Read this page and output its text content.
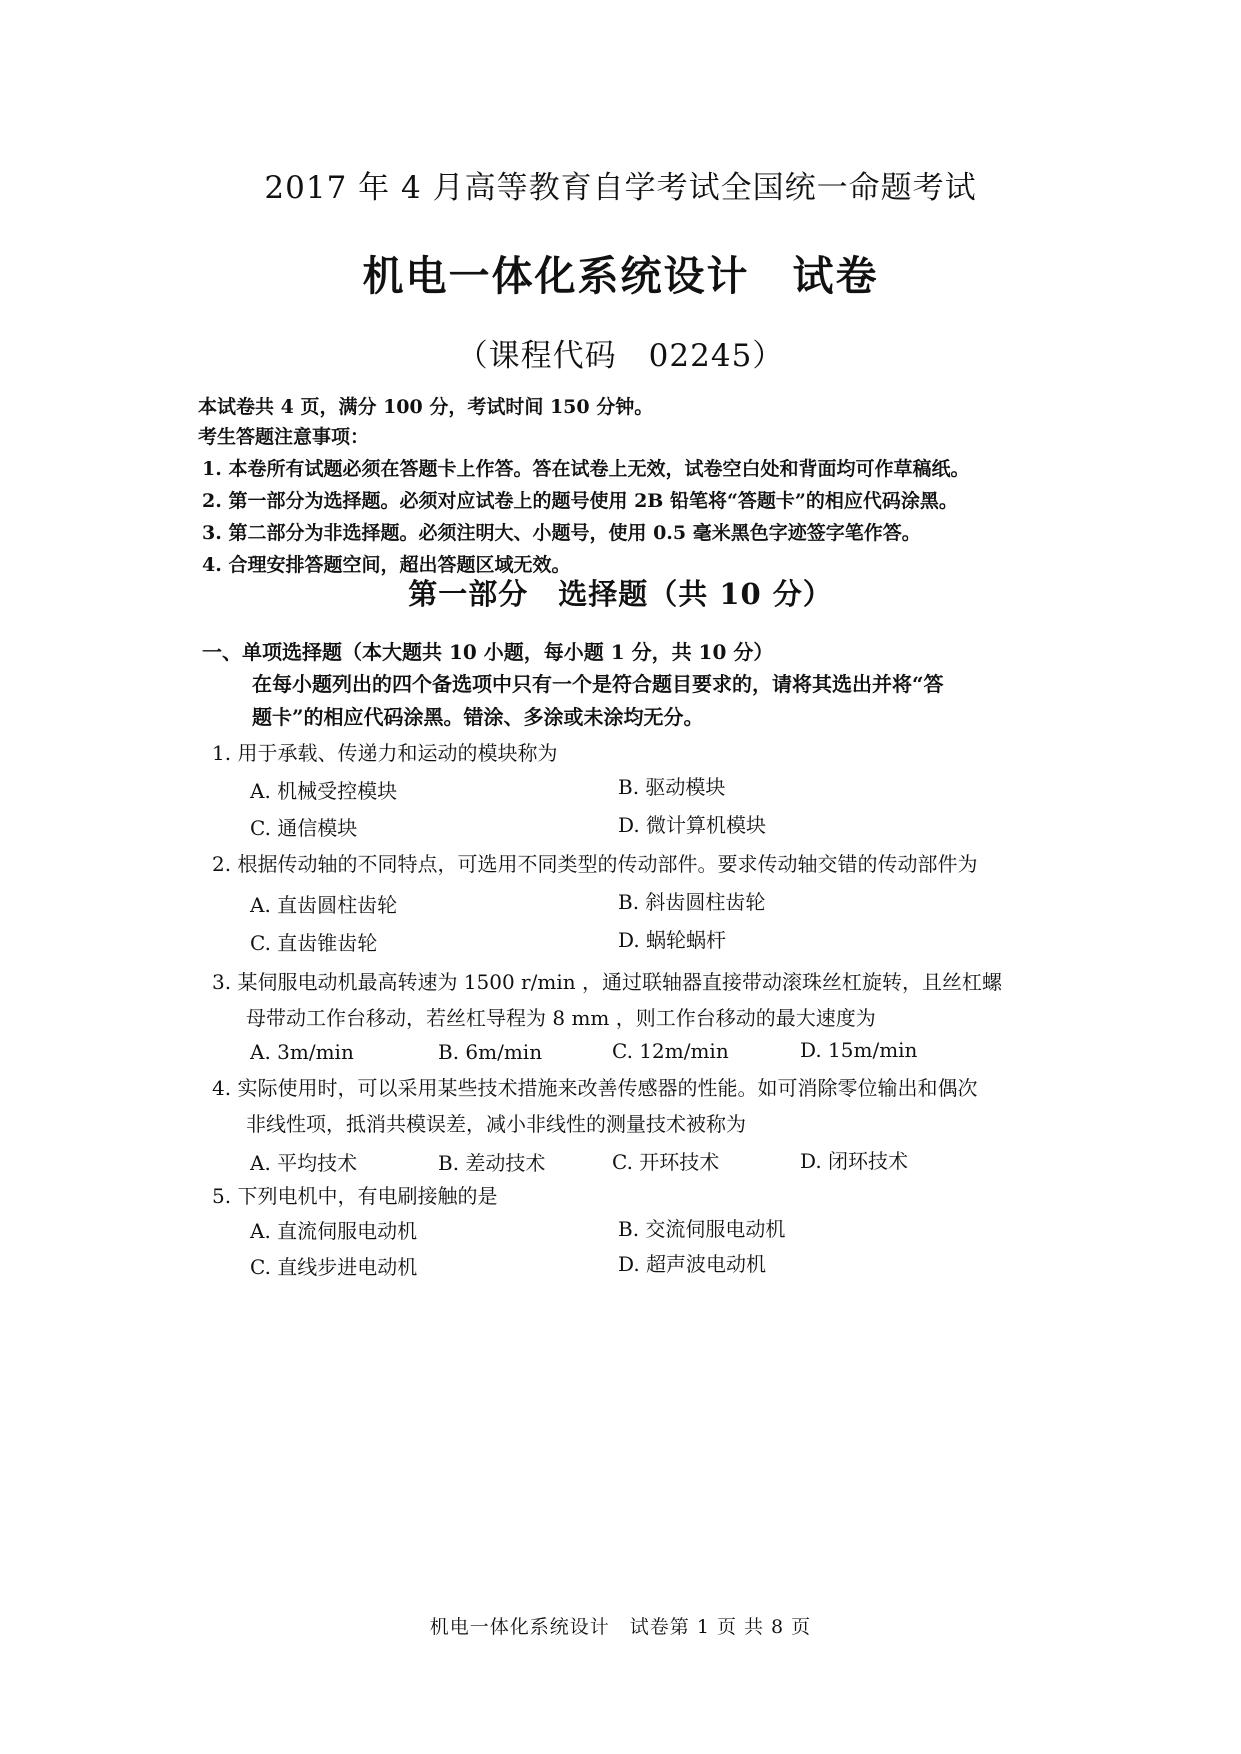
2017 年 4 月高等教育自学考试全国统一命题考试
机电一体化系统设计　试卷
（课程代码　02245）
本试卷共 4 页，满分 100 分，考试时间 150 分钟。
考生答题注意事项：
1. 本卷所有试题必须在答题卡上作答。答在试卷上无效，试卷空白处和背面均可作草稿纸。
2. 第一部分为选择题。必须对应试卷上的题号使用 2B 铅笔将“答题卡”的相应代码涂黑。
3. 第二部分为非选择题。必须注明大、小题号，使用 0.5 毫米黑色字迹签字笔作答。
4. 合理安排答题空间，超出答题区域无效。
第一部分　选择题（共 10 分）
一、单项选择题（本大题共 10 小题，每小题 1 分，共 10 分）
在每小题列出的四个备选项中只有一个是符合题目要求的，请将其选出并将“答
题卡”的相应代码涂黑。错涂、多涂或未涂均无分。
1. 用于承载、传递力和运动的模块称为
A. 机械受控模块	B. 驱动模块
C. 通信模块	D. 微计算机模块
2. 根据传动轴的不同特点，可选用不同类型的传动部件。要求传动轴交错的传动部件为
A. 直齿圆柱齿轮	B. 斜齿圆柱齿轮
C. 直齿锥齿轮	D. 蜗轮蜗杆
3. 某伺服电动机最高转速为 1500 r/min ，通过联轴器直接带动滚珠丝杠旋转，且丝杠螺
母带动工作台移动，若丝杠导程为 8 mm ，则工作台移动的最大速度为
A. 3m/min	B. 6m/min	C. 12m/min	D. 15m/min
4. 实际使用时，可以采用某些技术措施来改善传感器的性能。如可消除零位输出和偶次
非线性项，抵消共模误差，减小非线性的测量技术被称为
A. 平均技术	B. 差动技术	C. 开环技术	D. 闭环技术
5. 下列电机中，有电刷接触的是
A. 直流伺服电动机	B. 交流伺服电动机
C. 直线步进电动机	D. 超声波电动机
机电一体化系统设计　试卷第 1 页 共 8 页
